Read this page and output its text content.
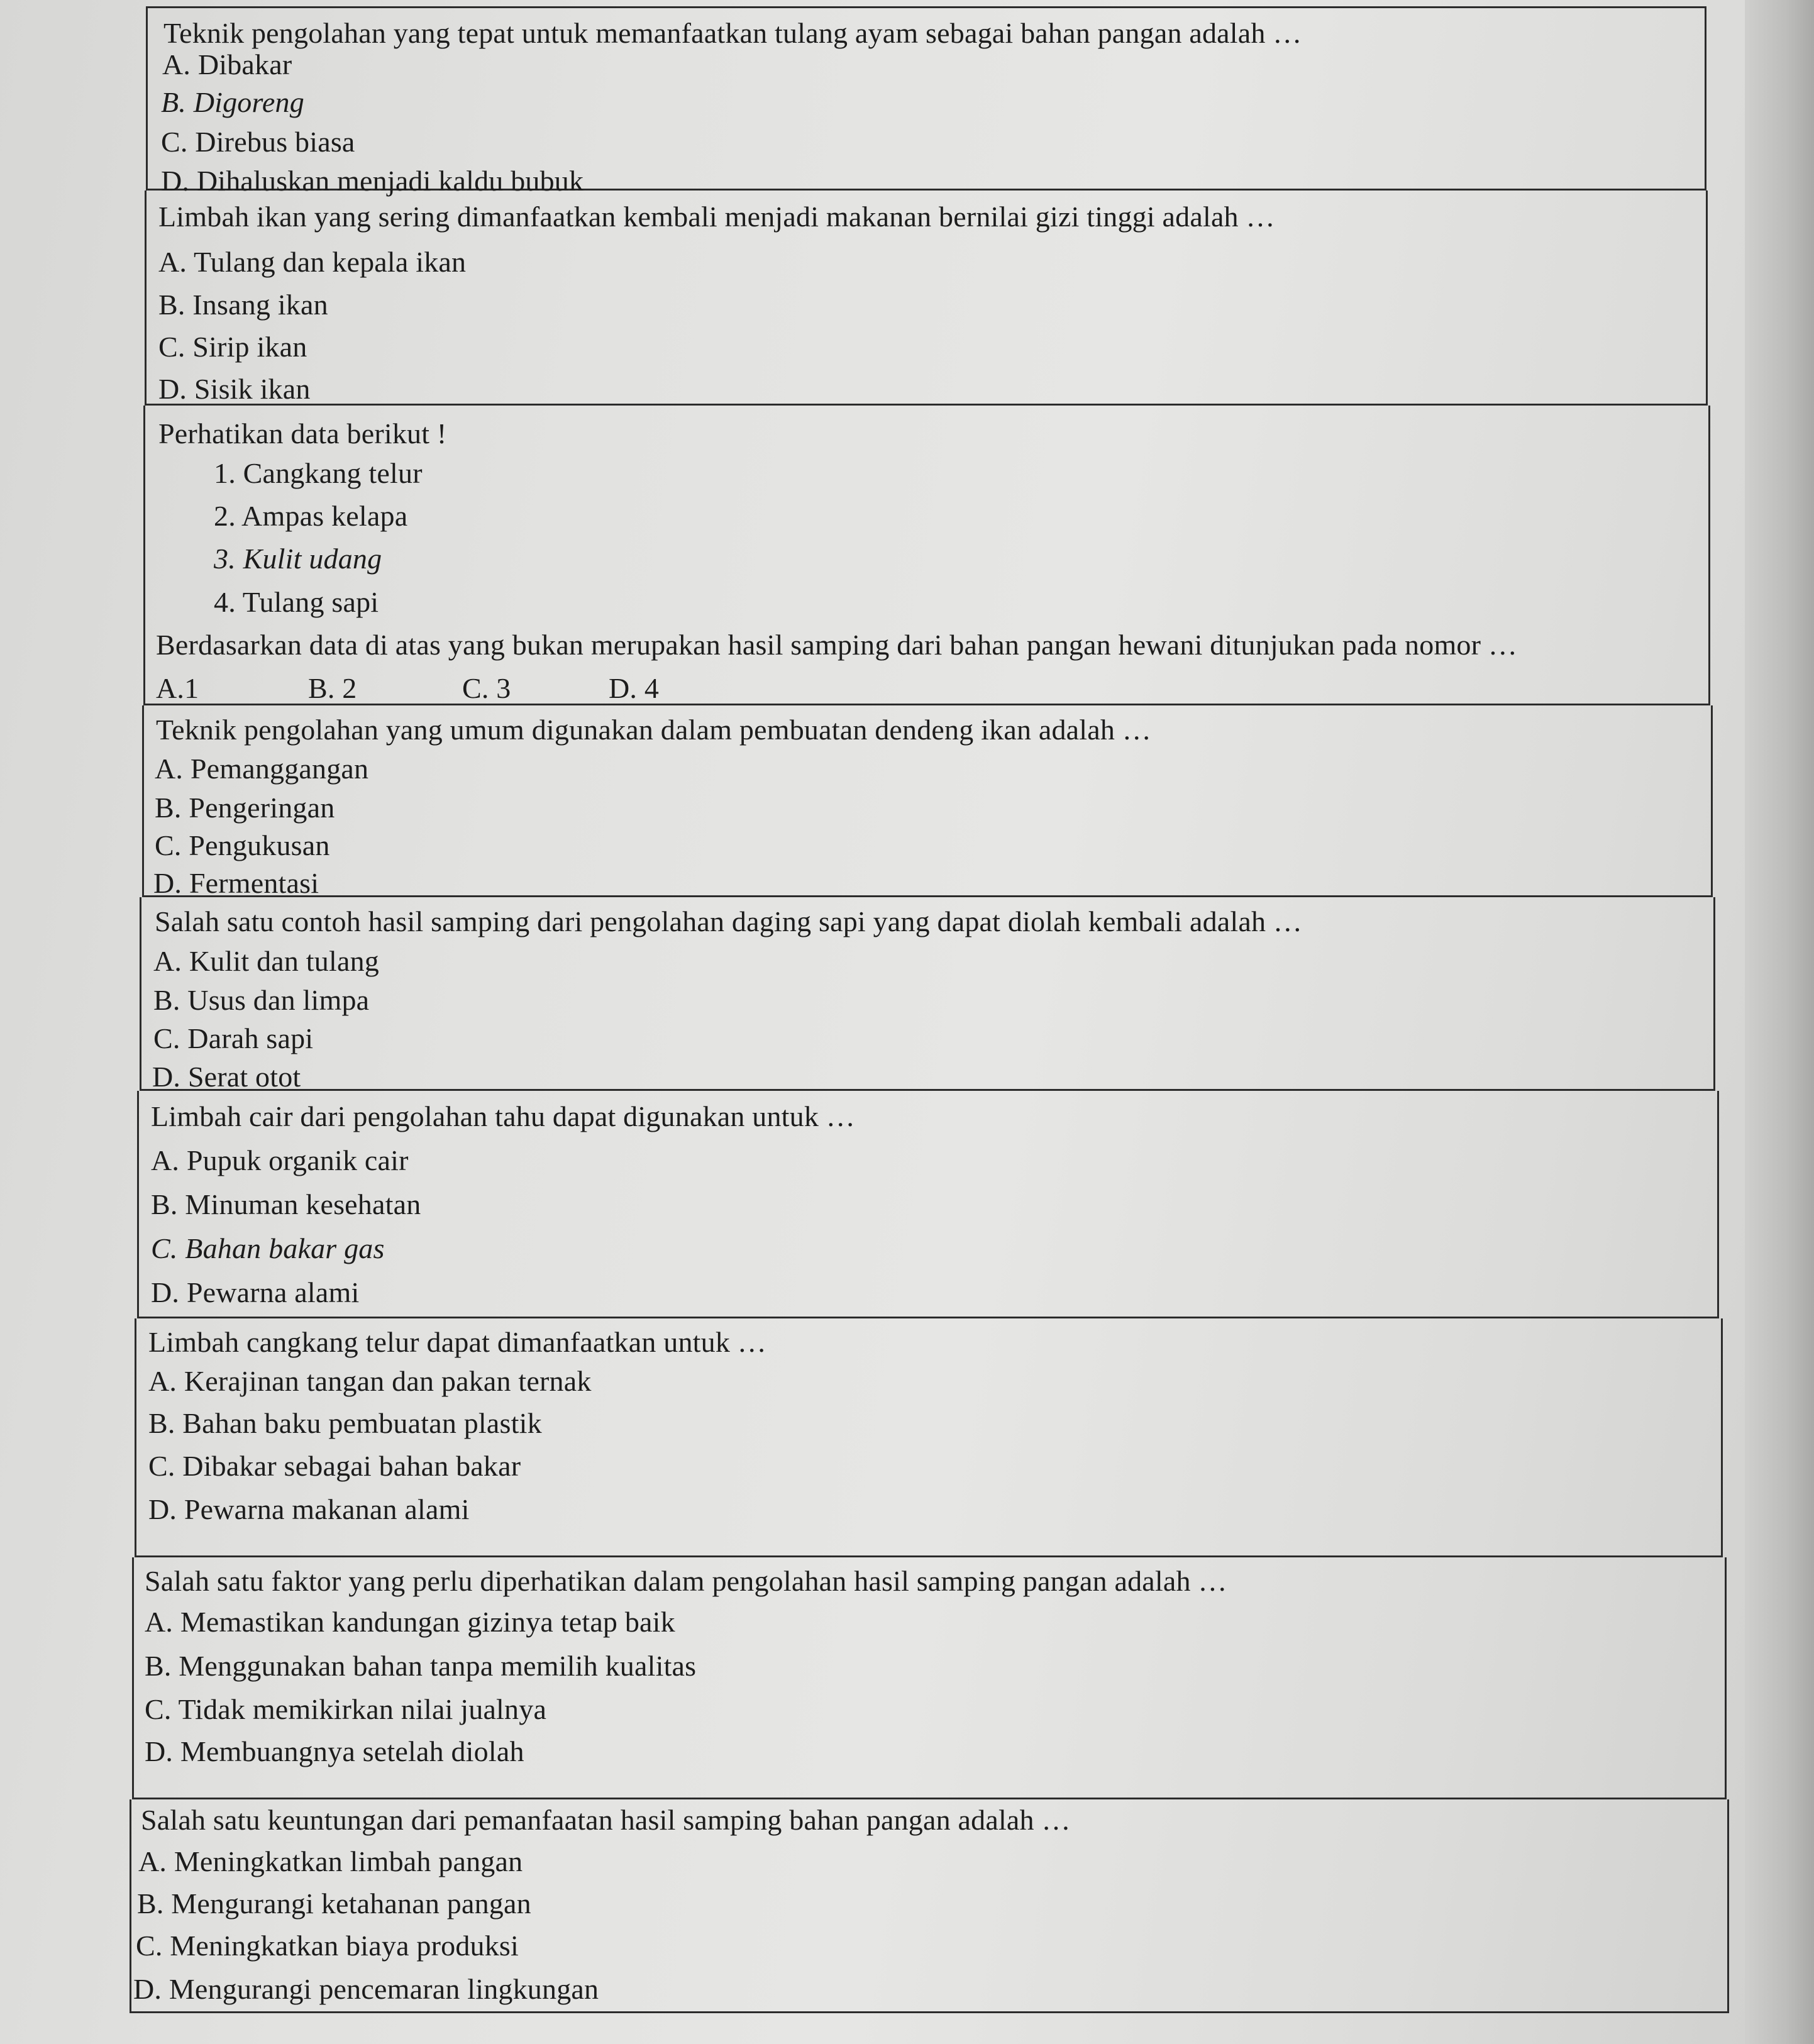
Teknik pengolahan yang tepat untuk memanfaatkan tulang ayam sebagai bahan pangan adalah …
A. Dibakar
B. Digoreng
C. Direbus biasa
D. Dihaluskan menjadi kaldu bubuk
Limbah ikan yang sering dimanfaatkan kembali menjadi makanan bernilai gizi tinggi adalah …
A. Tulang dan kepala ikan
B. Insang ikan
C. Sirip ikan
D. Sisik ikan
Perhatikan data berikut !
1. Cangkang telur
2. Ampas kelapa
3. Kulit udang
4. Tulang sapi
Berdasarkan data di atas yang bukan merupakan hasil samping dari bahan pangan hewani ditunjukan pada nomor …
A.1	B. 2	C. 3	D. 4
Teknik pengolahan yang umum digunakan dalam pembuatan dendeng ikan adalah …
A. Pemanggangan
B. Pengeringan
C. Pengukusan
D. Fermentasi
Salah satu contoh hasil samping dari pengolahan daging sapi yang dapat diolah kembali adalah …
A. Kulit dan tulang
B. Usus dan limpa
C. Darah sapi
D. Serat otot
Limbah cair dari pengolahan tahu dapat digunakan untuk …
A. Pupuk organik cair
B. Minuman kesehatan
C. Bahan bakar gas
D. Pewarna alami
Limbah cangkang telur dapat dimanfaatkan untuk …
A. Kerajinan tangan dan pakan ternak
B. Bahan baku pembuatan plastik
C. Dibakar sebagai bahan bakar
D. Pewarna makanan alami
Salah satu faktor yang perlu diperhatikan dalam pengolahan hasil samping pangan adalah …
A. Memastikan kandungan gizinya tetap baik
B. Menggunakan bahan tanpa memilih kualitas
C. Tidak memikirkan nilai jualnya
D. Membuangnya setelah diolah
Salah satu keuntungan dari pemanfaatan hasil samping bahan pangan adalah …
A. Meningkatkan limbah pangan
B. Mengurangi ketahanan pangan
C. Meningkatkan biaya produksi
D. Mengurangi pencemaran lingkungan
